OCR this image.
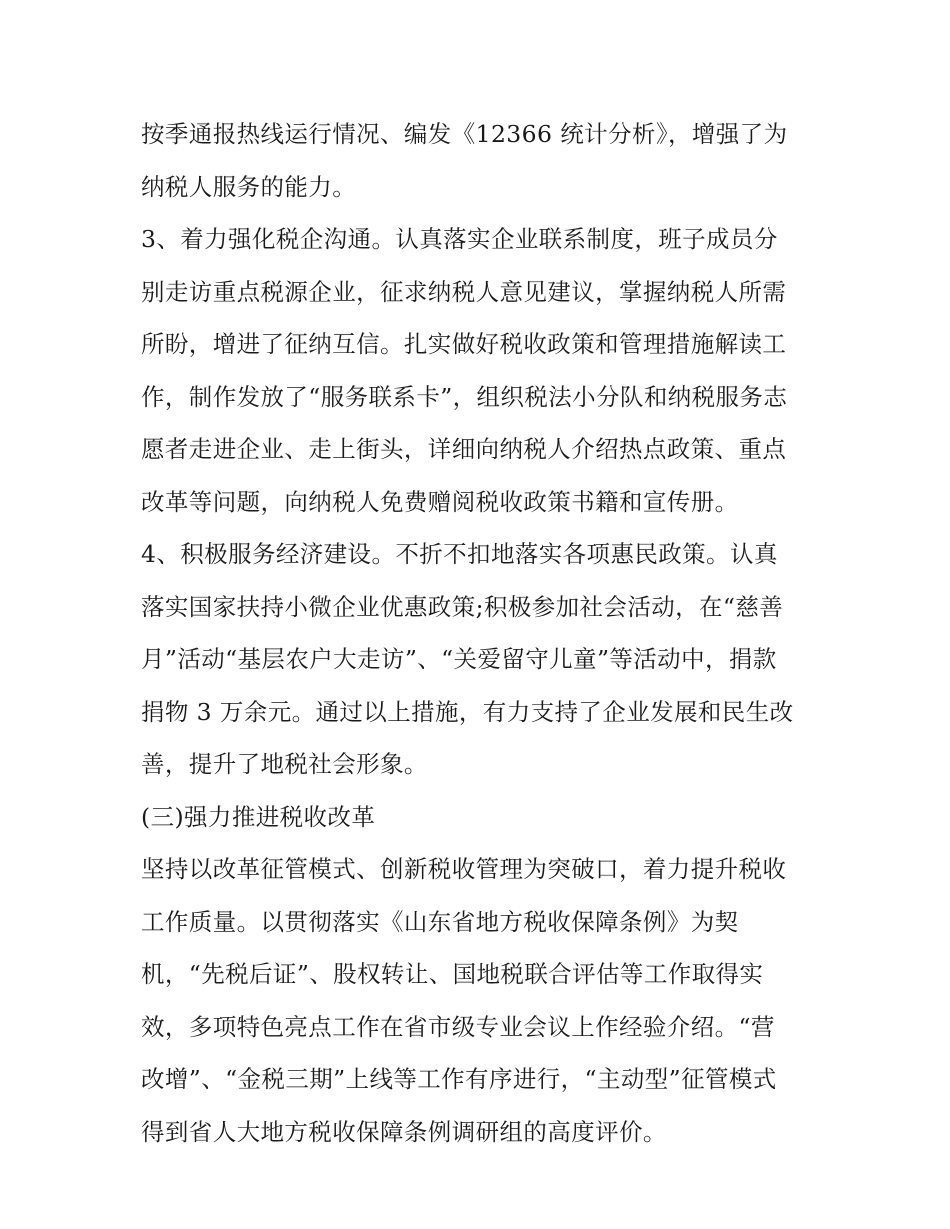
按季通报热线运行情况、编发《12366 统计分析》，增强了为
纳税人服务的能力。
3、着力强化税企沟通。认真落实企业联系制度，班子成员分
别走访重点税源企业，征求纳税人意见建议，掌握纳税人所需
所盼，增进了征纳互信。扎实做好税收政策和管理措施解读工
作，制作发放了“服务联系卡”，组织税法小分队和纳税服务志
愿者走进企业、走上街头，详细向纳税人介绍热点政策、重点
改革等问题，向纳税人免费赠阅税收政策书籍和宣传册。
4、积极服务经济建设。不折不扣地落实各项惠民政策。认真
落实国家扶持小微企业优惠政策;积极参加社会活动，在“慈善
月”活动“基层农户大走访”、“关爱留守儿童”等活动中，捐款
捐物 3 万余元。通过以上措施，有力支持了企业发展和民生改
善，提升了地税社会形象。
(三)强力推进税收改革
坚持以改革征管模式、创新税收管理为突破口，着力提升税收
工作质量。以贯彻落实《山东省地方税收保障条例》为契
机，“先税后证”、股权转让、国地税联合评估等工作取得实
效，多项特色亮点工作在省市级专业会议上作经验介绍。“营
改增”、“金税三期”上线等工作有序进行，“主动型”征管模式
得到省人大地方税收保障条例调研组的高度评价。
